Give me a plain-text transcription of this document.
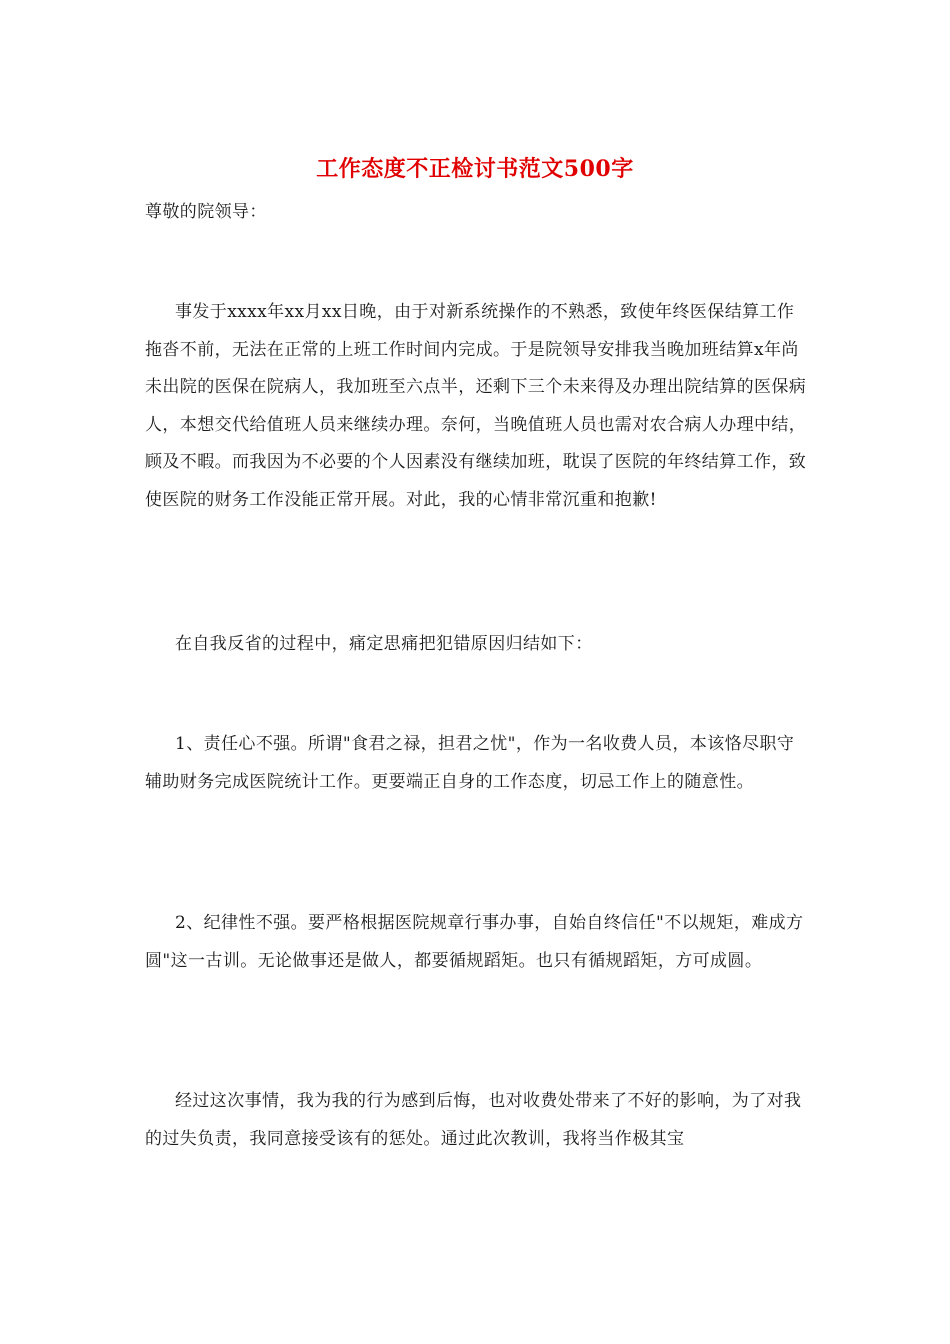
工作态度不正检讨书范文500字
尊敬的院领导：
事发于xxxx年xx月xx日晚，由于对新系统操作的不熟悉，致使年终医保结算工作拖沓不前，无法在正常的上班工作时间内完成。于是院领导安排我当晚加班结算x年尚未出院的医保在院病人，我加班至六点半，还剩下三个未来得及办理出院结算的医保病人，本想交代给值班人员来继续办理。奈何，当晚值班人员也需对农合病人办理中结，顾及不暇。而我因为不必要的个人因素没有继续加班，耽误了医院的年终结算工作，致使医院的财务工作没能正常开展。对此，我的心情非常沉重和抱歉!
在自我反省的过程中，痛定思痛把犯错原因归结如下：
1、责任心不强。所谓"食君之禄，担君之忧"，作为一名收费人员，本该恪尽职守辅助财务完成医院统计工作。更要端正自身的工作态度，切忌工作上的随意性。
2、纪律性不强。要严格根据医院规章行事办事，自始自终信任"不以规矩，难成方圆"这一古训。无论做事还是做人，都要循规蹈矩。也只有循规蹈矩，方可成圆。
经过这次事情，我为我的行为感到后悔，也对收费处带来了不好的影响，为了对我的过失负责，我同意接受该有的惩处。通过此次教训，我将当作极其宝
